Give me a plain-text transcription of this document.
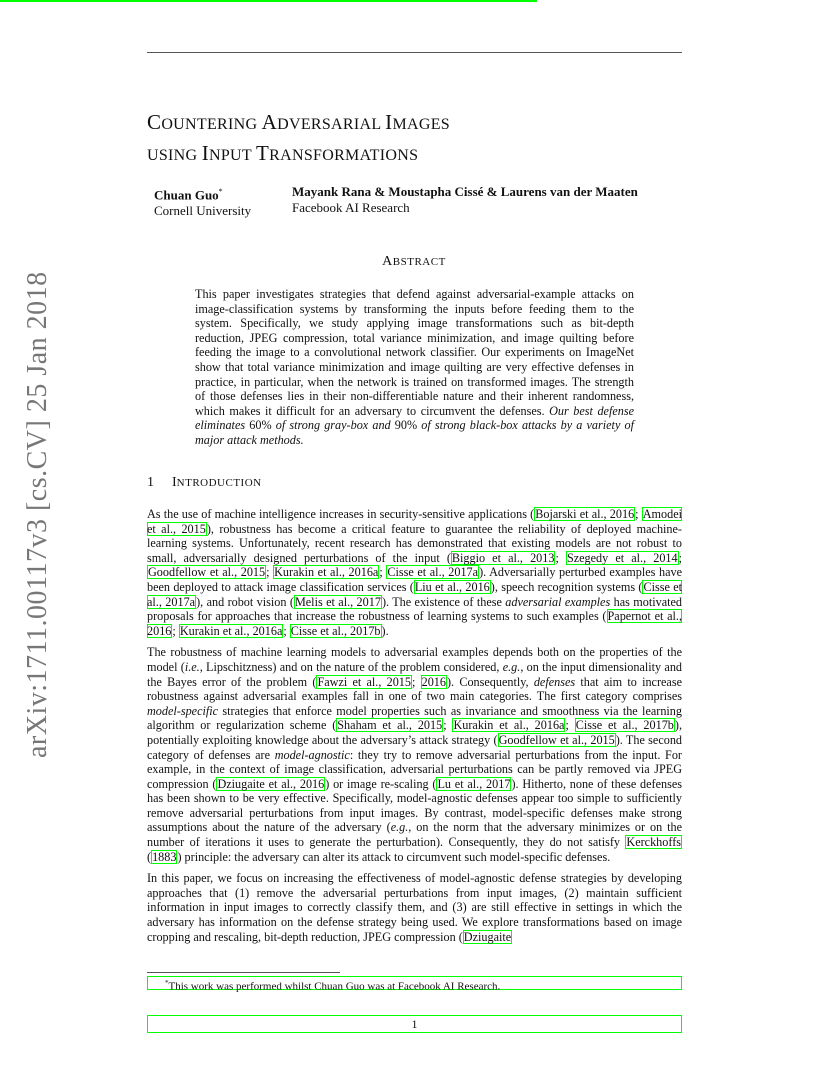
arXiv:1711.00117v3 [cs.CV] 25 Jan 2018
COUNTERING ADVERSARIAL IMAGES
USING INPUT TRANSFORMATIONS
Chuan Guo*
Cornell University
Mayank Rana & Moustapha Cissé & Laurens van der Maaten
Facebook AI Research
ABSTRACT
This paper investigates strategies that defend against adversarial-example attacks on image-classification systems by transforming the inputs before feeding them to the system. Specifically, we study applying image transformations such as bit-depth reduction, JPEG compression, total variance minimization, and image quilting before feeding the image to a convolutional network classifier. Our experiments on ImageNet show that total variance minimization and image quilting are very effective defenses in practice, in particular, when the network is trained on transformed images. The strength of those defenses lies in their non-differentiable nature and their inherent randomness, which makes it difficult for an adversary to circumvent the defenses. Our best defense eliminates 60% of strong gray-box and 90% of strong black-box attacks by a variety of major attack methods.
1 INTRODUCTION

As the use of machine intelligence increases in security-sensitive applications (Bojarski et al., 2016; Amodei et al., 2015), robustness has become a critical feature to guarantee the reliability of deployed machine-learning systems. Unfortunately, recent research has demonstrated that existing models are not robust to small, adversarially designed perturbations of the input (Biggio et al., 2013; Szegedy et al., 2014; Goodfellow et al., 2015; Kurakin et al., 2016a; Cisse et al., 2017a). Adversarially perturbed examples have been deployed to attack image classification services (Liu et al., 2016), speech recognition systems (Cisse et al., 2017a), and robot vision (Melis et al., 2017). The existence of these adversarial examples has motivated proposals for approaches that increase the robustness of learning systems to such examples (Papernot et al., 2016; Kurakin et al., 2016a; Cisse et al., 2017b).

The robustness of machine learning models to adversarial examples depends both on the properties of the model (i.e., Lipschitzness) and on the nature of the problem considered, e.g., on the input dimensionality and the Bayes error of the problem (Fawzi et al., 2015; 2016). Consequently, defenses that aim to increase robustness against adversarial examples fall in one of two main categories. The first category comprises model-specific strategies that enforce model properties such as invariance and smoothness via the learning algorithm or regularization scheme (Shaham et al., 2015; Kurakin et al., 2016a; Cisse et al., 2017b), potentially exploiting knowledge about the adversary’s attack strategy (Goodfellow et al., 2015). The second category of defenses are model-agnostic: they try to remove adversarial perturbations from the input. For example, in the context of image classification, adversarial perturbations can be partly removed via JPEG compression (Dziugaite et al., 2016) or image re-scaling (Lu et al., 2017). Hitherto, none of these defenses has been shown to be very effective. Specifically, model-agnostic defenses appear too simple to sufficiently remove adversarial perturbations from input images. By contrast, model-specific defenses make strong assumptions about the nature of the adversary (e.g., on the norm that the adversary minimizes or on the number of iterations it uses to generate the perturbation). Consequently, they do not satisfy Kerckhoffs (1883) principle: the adversary can alter its attack to circumvent such model-specific defenses.

In this paper, we focus on increasing the effectiveness of model-agnostic defense strategies by developing approaches that (1) remove the adversarial perturbations from input images, (2) maintain sufficient information in input images to correctly classify them, and (3) are still effective in settings in which the adversary has information on the defense strategy being used. We explore transformations based on image cropping and rescaling, bit-depth reduction, JPEG compression (Dziugaite

*This work was performed whilst Chuan Guo was at Facebook AI Research.
1
